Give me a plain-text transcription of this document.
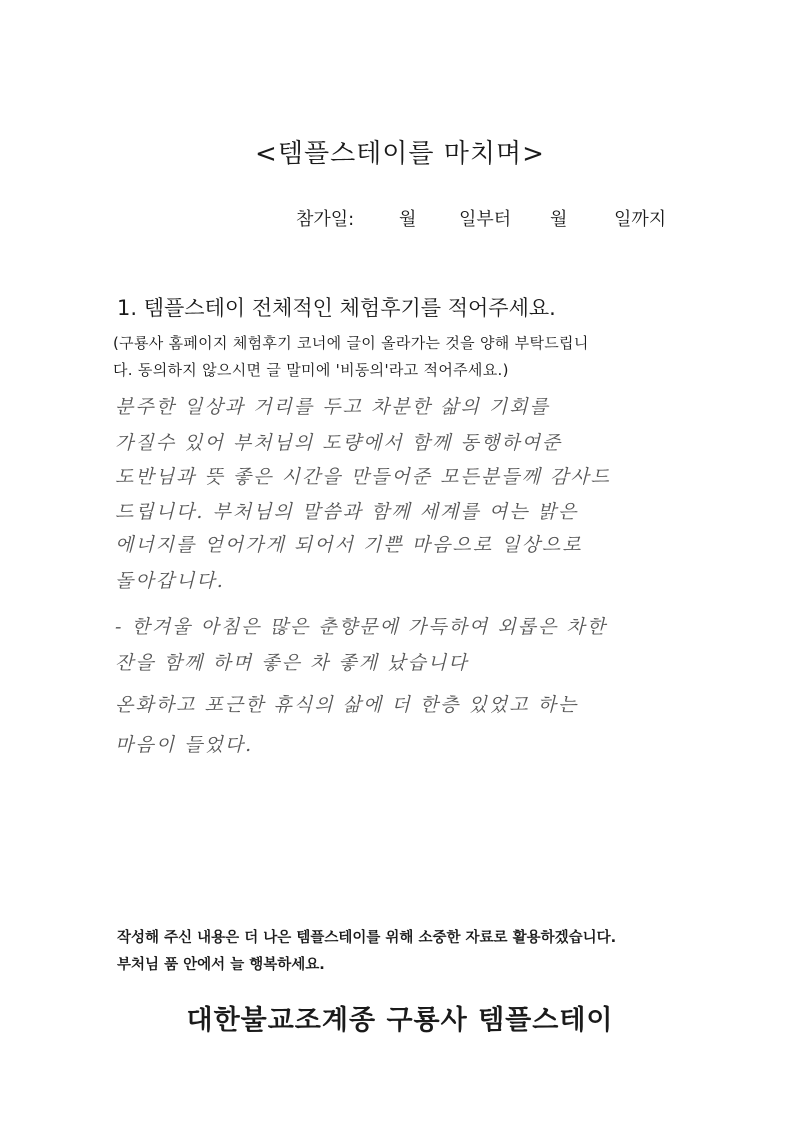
<템플스테이를 마치며>
참가일: 월 일부터 월	일까지
1. 템플스테이 전체적인 체험후기를 적어주세요.
(구룡사 홈페이지 체험후기 코너에 글이 올라가는 것을 양해 부탁드립니
다. 동의하지 않으시면 글 말미에 '비동의'라고 적어주세요.)
분주한 일상과 거리를 두고 차분한 삶의 기회를
가질수 있어 부처님의 도량에서 함께 동행하여준
도반님과 뜻 좋은 시간을 만들어준 모든분들께 감사드
드립니다. 부처님의 말씀과 함께 세계를 여는 밝은
에너지를 얻어가게 되어서 기쁜 마음으로 일상으로
돌아갑니다.
- 한겨울 아침은 많은 춘향문에 가득하여 외롭은 차한
잔을 함께 하며 좋은 차 좋게 났습니다
온화하고 포근한 휴식의 삶에 더 한층 있었고 하는
마음이 들었다.
작성해 주신 내용은 더 나은 템플스테이를 위해 소중한 자료로 활용하겠습니다.
부처님 품 안에서 늘 행복하세요.
대한불교조계종 구룡사 템플스테이
